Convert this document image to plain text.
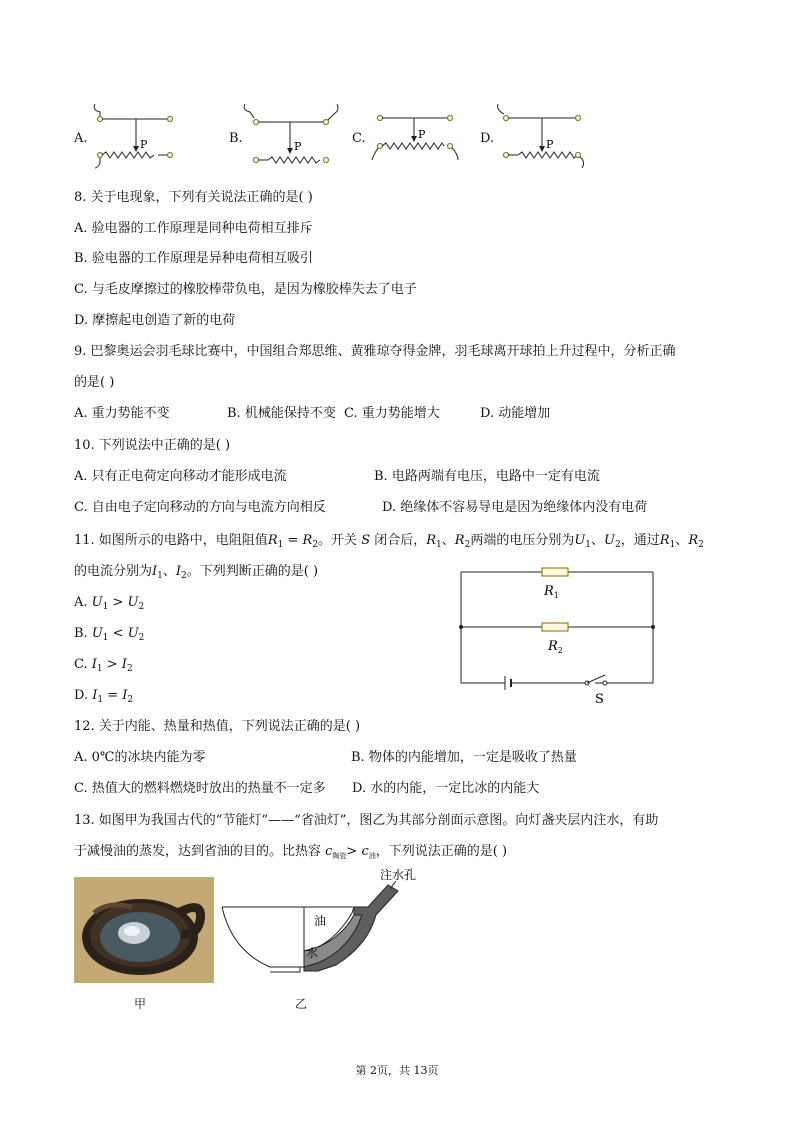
A.	P	B.
P
C.	P	D.	P
8. 关于电现象，下列有关说法正确的是( )
A. 验电器的工作原理是同种电荷相互排斥
B. 验电器的工作原理是异种电荷相互吸引
C. 与毛皮摩擦过的橡胶棒带负电，是因为橡胶棒失去了电子
D. 摩擦起电创造了新的电荷
9. 巴黎奥运会羽毛球比赛中，中国组合郑思维、黄雅琼夺得金牌，羽毛球离开球拍上升过程中，分析正确
的是( )
A. 重力势能不变	B. 机械能保持不变 C. 重力势能增大	D. 动能增加
10. 下列说法中正确的是( )
A. 只有正电荷定向移动才能形成电流	B. 电路两端有电压，电路中一定有电流
C. 自由电子定向移动的方向与电流方向相反	D. 绝缘体不容易导电是因为绝缘体内没有电荷
11. 如图所示的电路中，电阻阻值$R_1 = R_2$。开关 S 闭合后，$R_1$、$R_2$两端的电压分别为$U_1$、$U_2$，通过$R_1$、$R_2$
的电流分别为$I_1$、$I_2$。下列判断正确的是( )
A. $U_1 > U_2$
B. $U_1 < U_2$
C. $I_1 > I_2$
D. $I_1 = I_2$
$R_1$
$R_2$
S
12. 关于内能、热量和热值，下列说法正确的是( )
A. 0℃的冰块内能为零	B. 物体的内能增加，一定是吸收了热量
C. 热值大的燃料燃烧时放出的热量不一定多 D. 水的内能，一定比冰的内能大
13. 如图甲为我国古代的“节能灯”——“省油灯”，图乙为其部分剖面示意图。向灯盏夹层内注水，有助
于减慢油的蒸发，达到省油的目的。比热容 $c_{陶瓷}> c_油$，下列说法正确的是( )
甲
油
水
注水孔
乙
第 2页，共 13页
